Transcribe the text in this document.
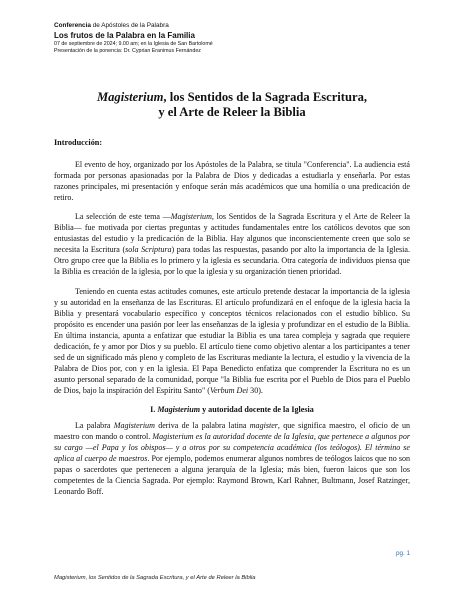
Conferencia de Apóstoles de la Palabra
Los frutos de la Palabra en la Familia
07 de septiembre de 2024; 9.00 am; en la Iglesia de San Bartolomé
Presentación de la ponencia: Dr. Cyprian Eranimus Fernández
Magisterium, los Sentidos de la Sagrada Escritura,
y el Arte de Releer la Biblia
Introducción:

El evento de hoy, organizado por los Apóstoles de la Palabra, se titula "Conferencia". La audiencia está formada por personas apasionadas por la Palabra de Dios y dedicadas a estudiarla y enseñarla. Por estas razones principales, mi presentación y enfoque serán más académicos que una homilía o una predicación de retiro.

La selección de este tema —Magisterium, los Sentidos de la Sagrada Escritura y el Arte de Releer la Biblia— fue motivada por ciertas preguntas y actitudes fundamentales entre los católicos devotos que son entusiastas del estudio y la predicación de la Biblia. Hay algunos que inconscientemente creen que solo se necesita la Escritura (sola Scriptura) para todas las respuestas, pasando por alto la importancia de la Iglesia. Otro grupo cree que la Biblia es lo primero y la iglesia es secundaria. Otra categoría de individuos piensa que la Biblia es creación de la iglesia, por lo que la iglesia y su organización tienen prioridad.

Teniendo en cuenta estas actitudes comunes, este artículo pretende destacar la importancia de la iglesia y su autoridad en la enseñanza de las Escrituras. El artículo profundizará en el enfoque de la iglesia hacia la Biblia y presentará vocabulario específico y conceptos técnicos relacionados con el estudio bíblico. Su propósito es encender una pasión por leer las enseñanzas de la iglesia y profundizar en el estudio de la Biblia. En última instancia, apunta a enfatizar que estudiar la Biblia es una tarea compleja y sagrada que requiere dedicación, fe y amor por Dios y su pueblo. El artículo tiene como objetivo alentar a los participantes a tener sed de un significado más pleno y completo de las Escrituras mediante la lectura, el estudio y la vivencia de la Palabra de Dios por, con y en la iglesia. El Papa Benedicto enfatiza que comprender la Escritura no es un asunto personal separado de la comunidad, porque "la Biblia fue escrita por el Pueblo de Dios para el Pueblo de Dios, bajo la inspiración del Espíritu Santo" (Verbum Dei 30).

I. Magisterium y autoridad docente de la Iglesia

La palabra Magisterium deriva de la palabra latina magister, que significa maestro, el oficio de un maestro con mando o control. Magisterium es la autoridad docente de la Iglesia, que pertenece a algunos por su cargo —el Papa y los obispos— y a otros por su competencia académica (los teólogos). El término se aplica al cuerpo de maestros. Por ejemplo, podemos enumerar algunos nombres de teólogos laicos que no son papas o sacerdotes que pertenecen a alguna jerarquía de la Iglesia; más bien, fueron laicos que son los competentes de la Ciencia Sagrada. Por ejemplo: Raymond Brown, Karl Rahner, Bultmann, Josef Ratzinger, Leonardo Boff.

pg. 1
Magisterium, los Sentidos de la Sagrada Escritura, y el Arte de Releer la Biblia
